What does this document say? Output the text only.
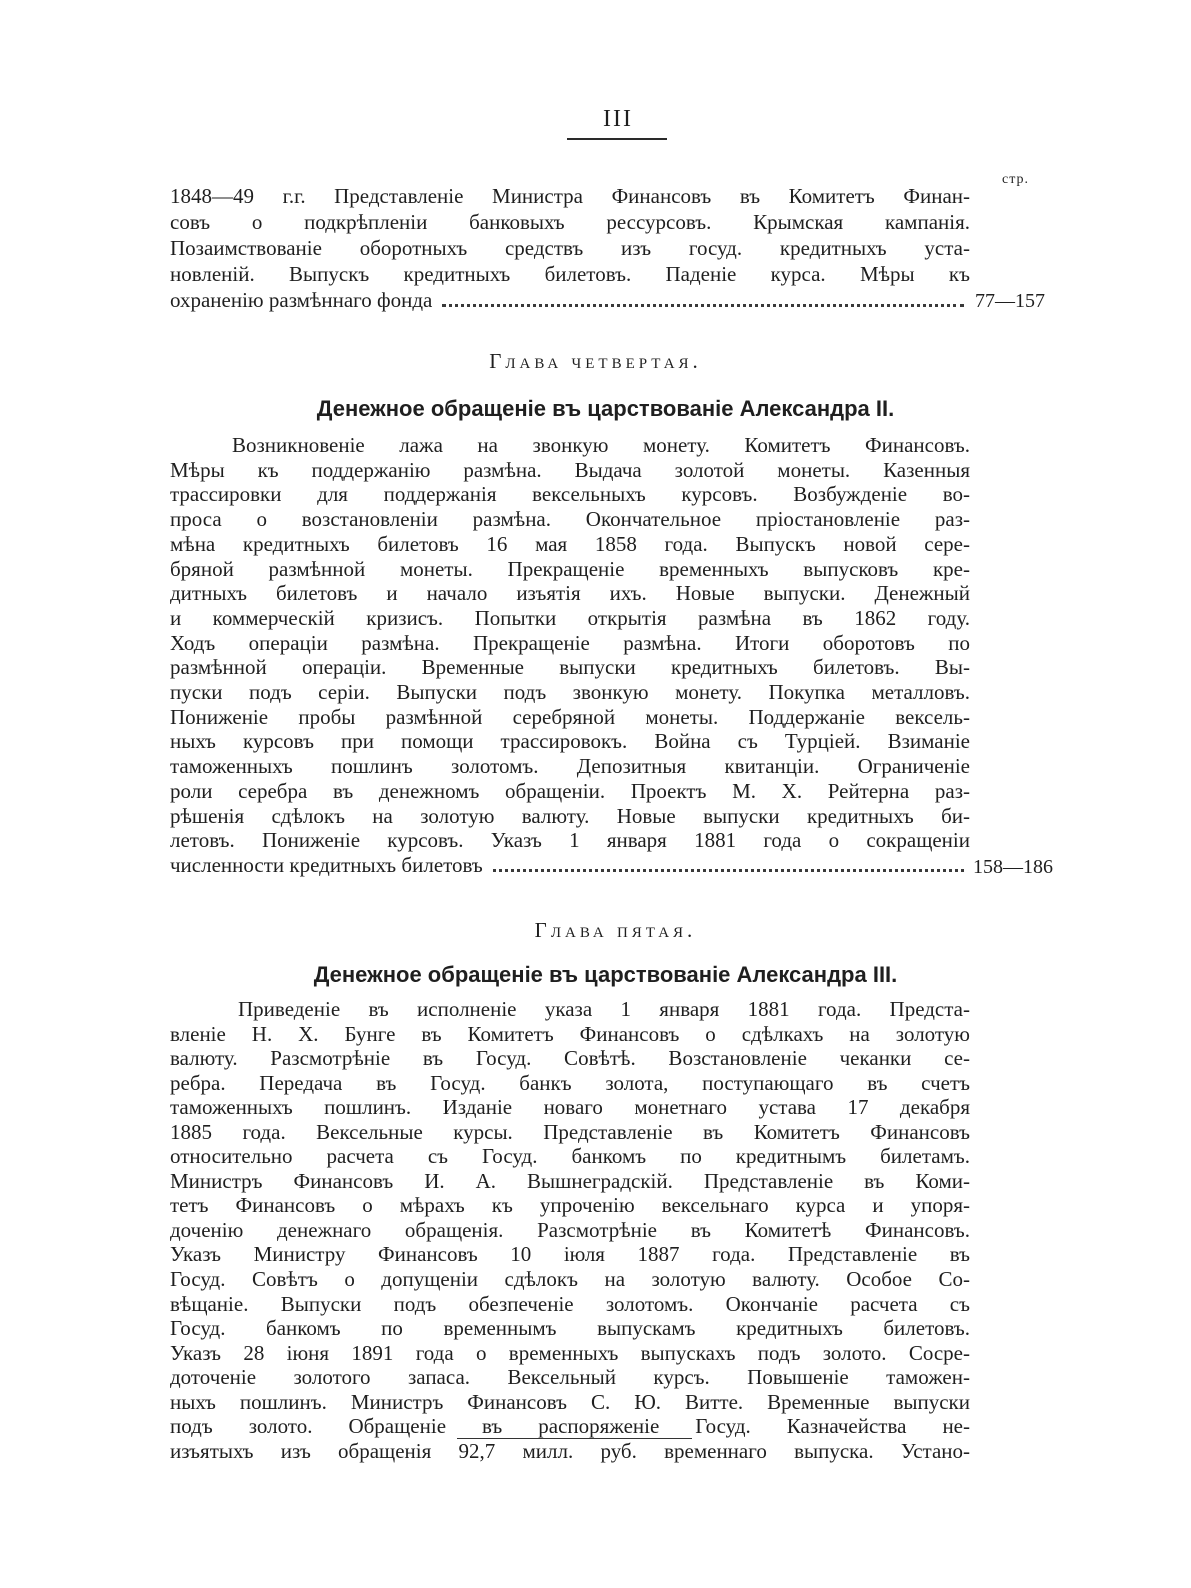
III
стр.
1848—49 г.г. Представленіе Министра Финансовъ въ Комитетъ Финан-
совъ о подкрѣпленіи банковыхъ рессурсовъ. Крымская кампанія.
Позаимствованіе оборотныхъ средствъ изъ госуд. кредитныхъ уста-
новленій. Выпускъ кредитныхъ билетовъ. Паденіе курса. Мѣры къ
охраненію размѣннаго фонда	77—157
Глава четвертая.
Денежное обращеніе въ царствованіе Александра II.
Возникновеніе лажа на звонкую монету. Комитетъ Финансовъ.
Мѣры къ поддержанію размѣна. Выдача золотой монеты. Казенныя
трассировки для поддержанія вексельныхъ курсовъ. Возбужденіе во-
проса о возстановленіи размѣна. Окончательное пріостановленіе раз-
мѣна кредитныхъ билетовъ 16 мая 1858 года. Выпускъ новой сере-
бряной размѣнной монеты. Прекращеніе временныхъ выпусковъ кре-
дитныхъ билетовъ и начало изъятія ихъ. Новые выпуски. Денежный
и коммерческій кризисъ. Попытки открытія размѣна въ 1862 году.
Ходъ операціи размѣна. Прекращеніе размѣна. Итоги оборотовъ по
размѣнной операціи. Временные выпуски кредитныхъ билетовъ. Вы-
пуски подъ серіи. Выпуски подъ звонкую монету. Покупка металловъ.
Пониженіе пробы размѣнной серебряной монеты. Поддержаніе вексель-
ныхъ курсовъ при помощи трассировокъ. Война съ Турціей. Взиманіе
таможенныхъ пошлинъ золотомъ. Депозитныя квитанціи. Ограниченіе
роли серебра въ денежномъ обращеніи. Проектъ М. Х. Рейтерна раз-
рѣшенія сдѣлокъ на золотую валюту. Новые выпуски кредитныхъ би-
летовъ. Пониженіе курсовъ. Указъ 1 января 1881 года о сокращеніи
численности кредитныхъ билетовъ	158—186
Глава пятая.
Денежное обращеніе въ царствованіе Александра III.
Приведеніе въ исполненіе указа 1 января 1881 года. Предста-
вленіе Н. Х. Бунге въ Комитетъ Финансовъ о сдѣлкахъ на золотую
валюту. Разсмотрѣніе въ Госуд. Совѣтѣ. Возстановленіе чеканки се-
ребра. Передача въ Госуд. банкъ золота, поступающаго въ счетъ
таможенныхъ пошлинъ. Изданіе новаго монетнаго устава 17 декабря
1885 года. Вексельные курсы. Представленіе въ Комитетъ Финансовъ
относительно расчета съ Госуд. банкомъ по кредитнымъ билетамъ.
Министръ Финансовъ И. А. Вышнеградскій. Представленіе въ Коми-
тетъ Финансовъ о мѣрахъ къ упроченію вексельнаго курса и упоря-
доченію денежнаго обращенія. Разсмотрѣніе въ Комитетѣ Финансовъ.
Указъ Министру Финансовъ 10 іюля 1887 года. Представленіе въ
Госуд. Совѣтъ о допущеніи сдѣлокъ на золотую валюту. Особое Со-
вѣщаніе. Выпуски подъ обезпеченіе золотомъ. Окончаніе расчета съ
Госуд. банкомъ по временнымъ выпускамъ кредитныхъ билетовъ.
Указъ 28 іюня 1891 года о временныхъ выпускахъ подъ золото. Сосре-
доточеніе золотого запаса. Вексельный курсъ. Повышеніе таможен-
ныхъ пошлинъ. Министръ Финансовъ С. Ю. Витте. Временные выпуски
подъ золото. Обращеніе въ распоряженіе Госуд. Казначейства не-
изъятыхъ изъ обращенія 92,7 милл. руб. временнаго выпуска. Устано-
